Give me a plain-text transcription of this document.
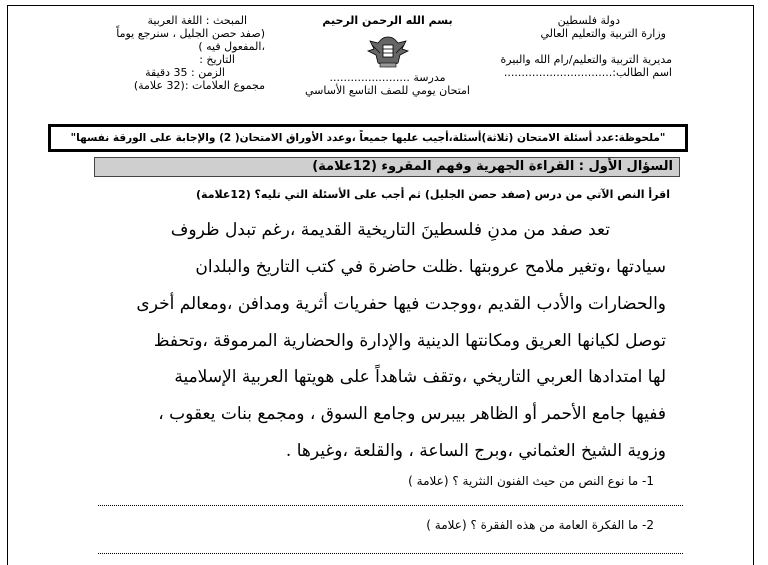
دولة فلسطين
وزارة التربية والتعليم العالي
مديرية التربية والتعليم/رام الله والبيرة
اسم الطالب:...............................
بسم الله الرحمن الرحيم
مدرسة .......................
امتحان يومي للصف التاسع الأساسي
المبحث : اللغة العربية
(صفد حصن الجليل ، سنرجع يوماً
،المفعول فيه )
التاريخ :
الزمن : 35 دقيقة
مجموع العلامات :(32 علامة)
"ملحوظة:عدد أسئلة الامتحان (ثلاثة)أسئلة،أجيب عليها جميعاً ،وعدد الأوراق الامتحان( 2) والإجابة على الورقة نفسها"
السؤال الأول : القراءة الجهرية وفهم المقروء (12علامة)
اقرأ النص الآتي من درس (صفد حصن الجليل) ثم أجب على الأسئلة التي تليه؟ (12علامة)
تعد صفد من مدنِ فلسطينَ التاريخية القديمة ،رغم تبدل ظروف
سيادتها ،وتغير ملامح عروبتها .ظلت حاضرة في كتب التاريخ والبلدان
والحضارات والأدب القديم ،ووجدت فيها حفريات أثرية ومدافن ،ومعالم أخرى
توصل لكيانها العريق ومكانتها الدينية والإدارة والحضارية المرموقة ،وتحفظ
لها امتدادها العربي التاريخي ،وتقف شاهداً على هويتها العربية الإسلامية
ففيها جامع الأحمر أو الظاهر بيبرس وجامع السوق ، ومجمع بنات يعقوب ،
وزوية الشيخ العثماني ،وبرج الساعة ، والقلعة ،وغيرها .
1- ما نوع النص من حيث الفنون النثرية ؟ (علامة )
2- ما الفكرة العامة من هذه الفقرة ؟ (علامة )
